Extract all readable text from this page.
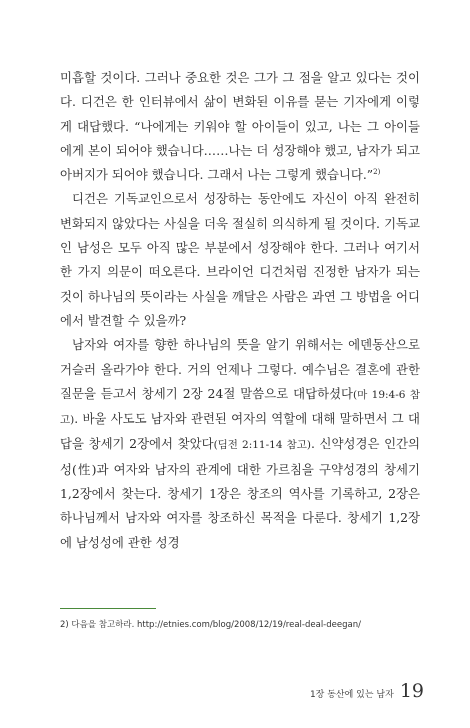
미흡할 것이다. 그러나 중요한 것은 그가 그 점을 알고 있다는 것이다. 디건은 한 인터뷰에서 삶이 변화된 이유를 묻는 기자에게 이렇게 대답했다. “나에게는 키워야 할 아이들이 있고, 나는 그 아이들에게 본이 되어야 했습니다……나는 더 성장해야 했고, 남자가 되고 아버지가 되어야 했습니다. 그래서 나는 그렇게 했습니다.”$^{2)}$

디건은 기독교인으로서 성장하는 동안에도 자신이 아직 완전히 변화되지 않았다는 사실을 더욱 절실히 의식하게 될 것이다. 기독교인 남성은 모두 아직 많은 부분에서 성장해야 한다. 그러나 여기서 한 가지 의문이 떠오른다. 브라이언 디건처럼 진정한 남자가 되는 것이 하나님의 뜻이라는 사실을 깨달은 사람은 과연 그 방법을 어디에서 발견할 수 있을까?

남자와 여자를 향한 하나님의 뜻을 알기 위해서는 에덴동산으로 거슬러 올라가야 한다. 거의 언제나 그렇다. 예수님은 결혼에 관한 질문을 듣고서 창세기 2장 24절 말씀으로 대답하셨다(마 19:4-6 참고). 바울 사도도 남자와 관련된 여자의 역할에 대해 말하면서 그 대답을 창세기 2장에서 찾았다(딤전 2:11-14 참고). 신약성경은 인간의 성(性)과 여자와 남자의 관계에 대한 가르침을 구약성경의 창세기 1,2장에서 찾는다. 창세기 1장은 창조의 역사를 기록하고, 2장은 하나님께서 남자와 여자를 창조하신 목적을 다룬다. 창세기 1,2장에 남성성에 관한 성경

2) 다음을 참고하라. http://etnies.com/blog/2008/12/19/real-deal-deegan/
1장 동산에 있는 남자 19
